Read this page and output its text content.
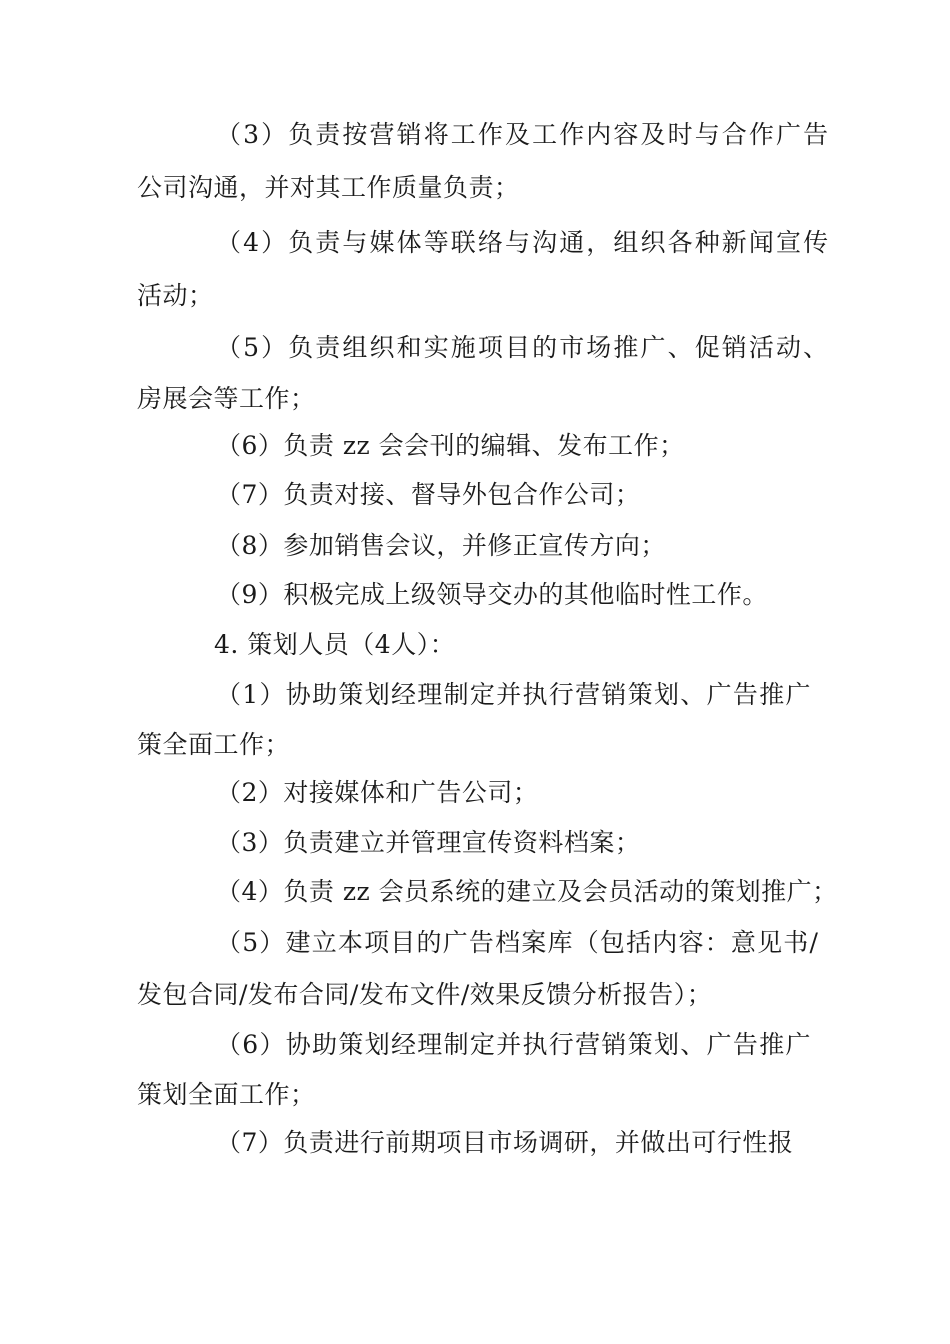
（3）负责按营销将工作及工作内容及时与合作广告
公司沟通，并对其工作质量负责；
（4）负责与媒体等联络与沟通，组织各种新闻宣传
活动；
（5）负责组织和实施项目的市场推广、促销活动、
房展会等工作；
（6）负责 zz 会会刊的编辑、发布工作；
（7）负责对接、督导外包合作公司；
（8）参加销售会议，并修正宣传方向；
（9）积极完成上级领导交办的其他临时性工作。
4. 策划人员（4人）：
（1）协助策划经理制定并执行营销策划、广告推广
策全面工作；
（2）对接媒体和广告公司；
（3）负责建立并管理宣传资料档案；
（4）负责 zz 会员系统的建立及会员活动的策划推广；
（5）建立本项目的广告档案库（包括内容：意见书/
发包合同/发布合同/发布文件/效果反馈分析报告）；
（6）协助策划经理制定并执行营销策划、广告推广
策划全面工作；
（7）负责进行前期项目市场调研，并做出可行性报
